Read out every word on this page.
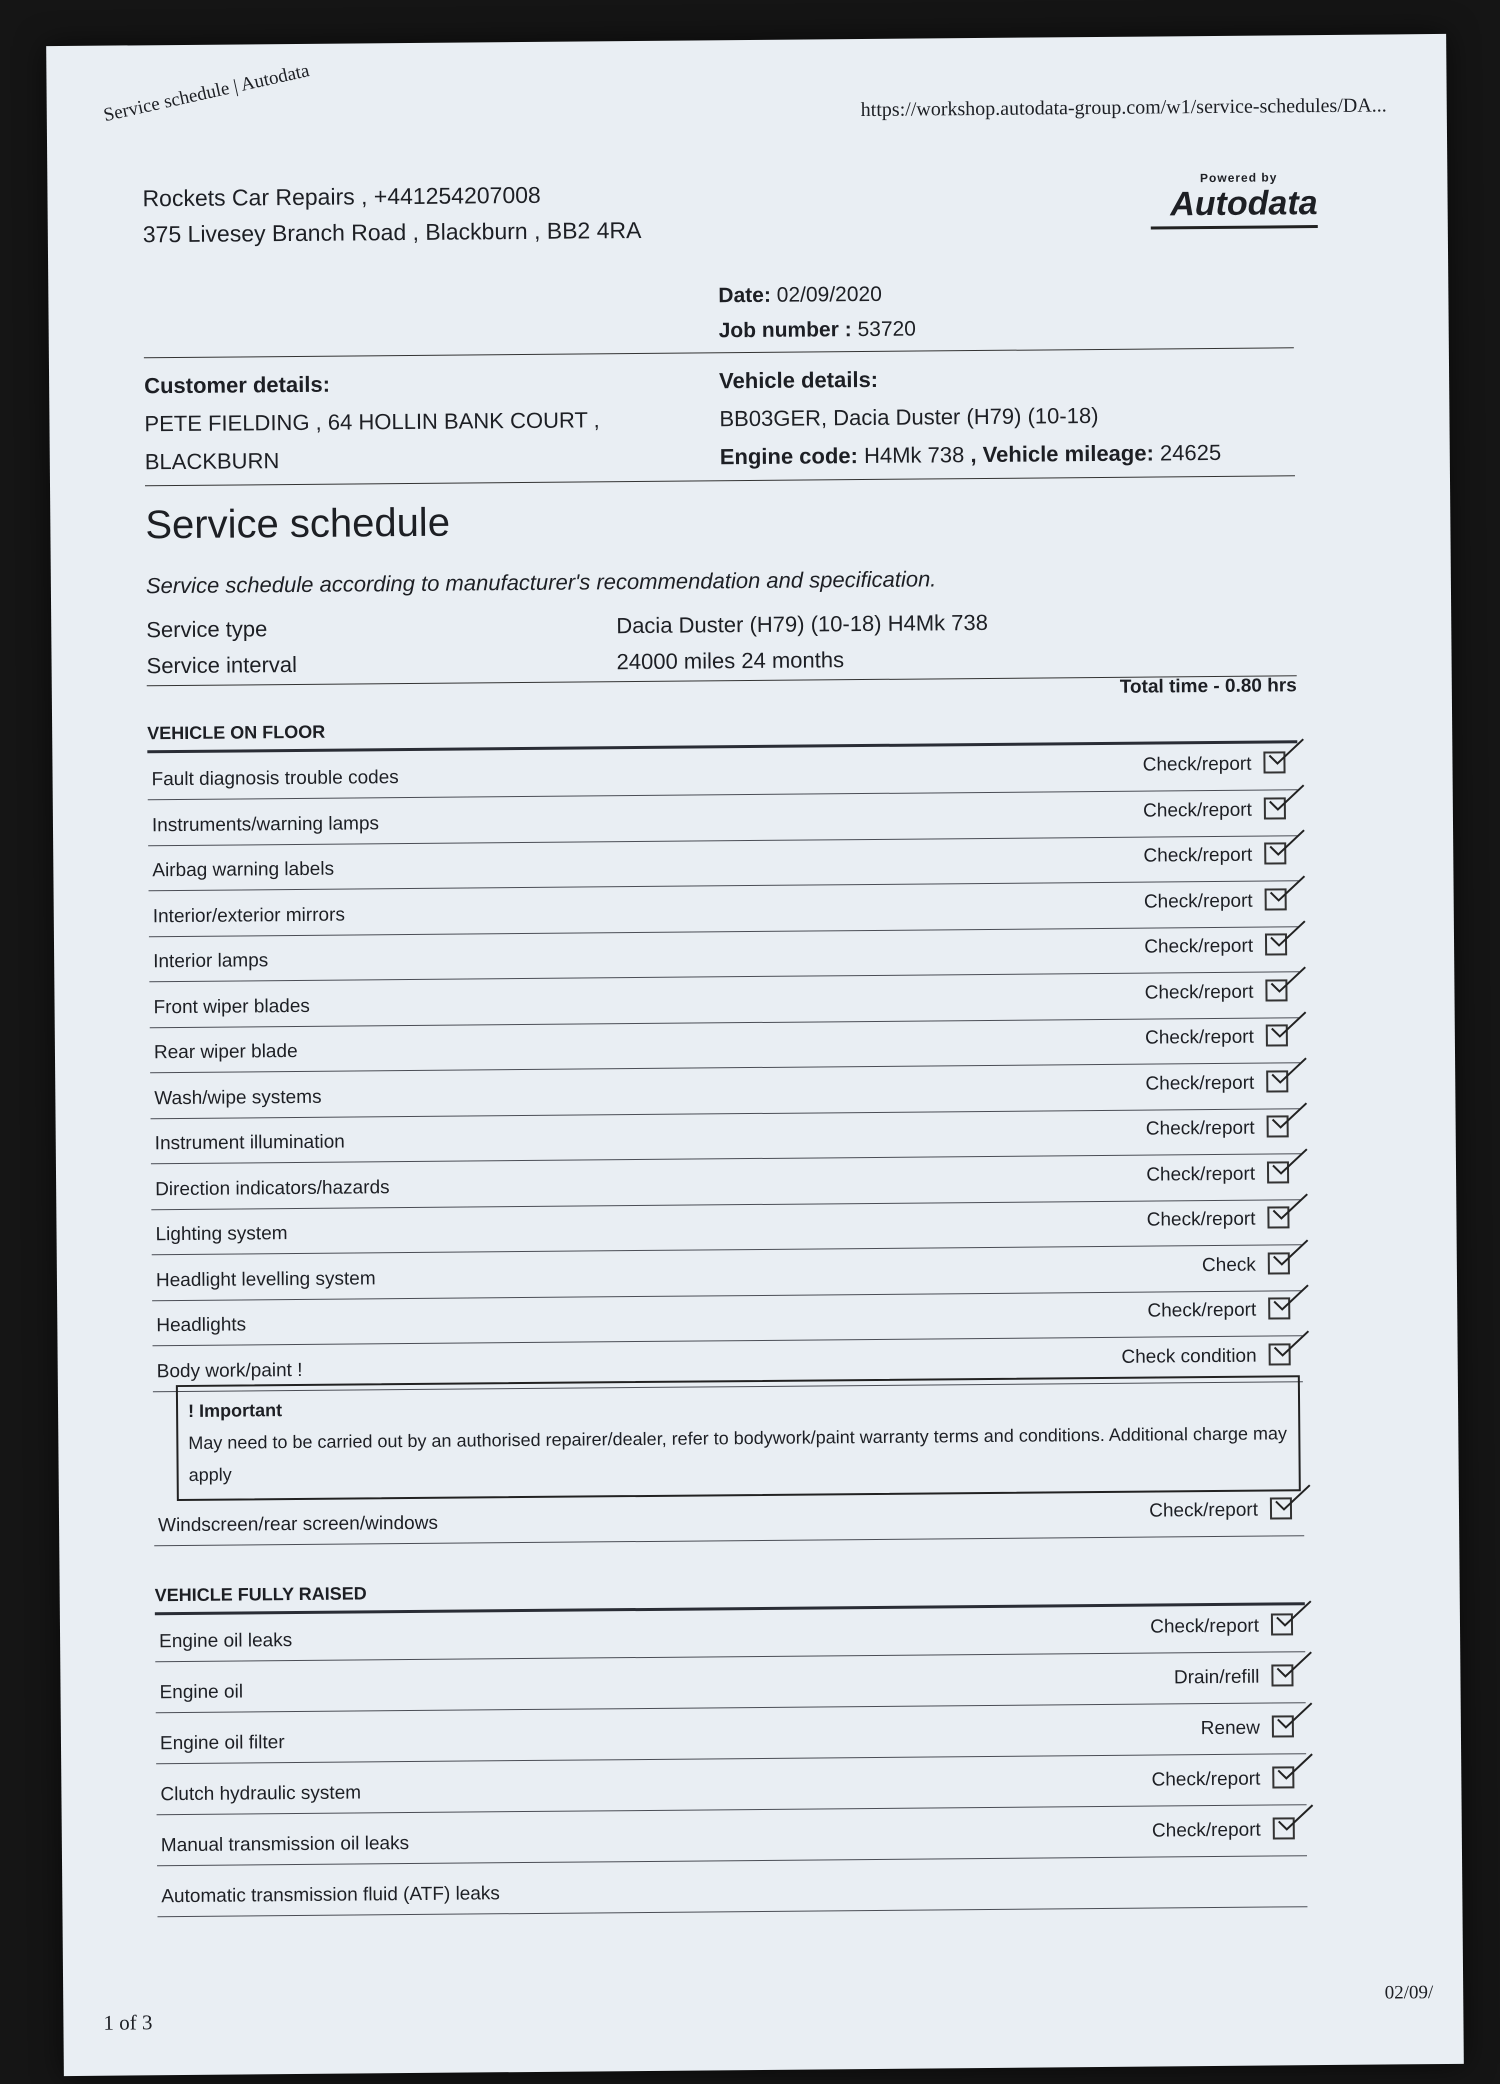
Service schedule | Autodata	https://workshop.autodata-group.com/w1/service-schedules/DA...
Rockets Car Repairs , +441254207008
375 Livesey Branch Road , Blackburn , BB2 4RA
Powered by
Autodata
Date: 02/09/2020
Job number : 53720
Customer details:
PETE FIELDING , 64 HOLLIN BANK COURT ,
BLACKBURN
Vehicle details:
BB03GER, Dacia Duster (H79) (10-18)
Engine code: H4Mk 738 , Vehicle mileage: 24625
Service schedule
Service schedule according to manufacturer's recommendation and specification.
Service type
Service interval
Dacia Duster (H79) (10-18) H4Mk 738
24000 miles 24 months
Total time - 0.80 hrs
VEHICLE ON FLOOR
Fault diagnosis trouble codes
Check/report
Instruments/warning lamps
Check/report
Airbag warning labels
Check/report
Interior/exterior mirrors
Check/report
Interior lamps
Check/report
Front wiper blades
Check/report
Rear wiper blade
Check/report
Wash/wipe systems
Check/report
Instrument illumination
Check/report
Direction indicators/hazards
Check/report
Lighting system
Check/report
Headlight levelling system
Check
Headlights
Check/report
Body work/paint !
Check condition
! Important
May need to be carried out by an authorised repairer/dealer, refer to bodywork/paint warranty terms and conditions. Additional charge may apply
Windscreen/rear screen/windows
Check/report
VEHICLE FULLY RAISED
Engine oil leaks
Check/report
Engine oil
Drain/refill
Engine oil filter
Renew
Clutch hydraulic system
Check/report
Manual transmission oil leaks
Check/report
Automatic transmission fluid (ATF) leaks
1 of 3
02/09/
